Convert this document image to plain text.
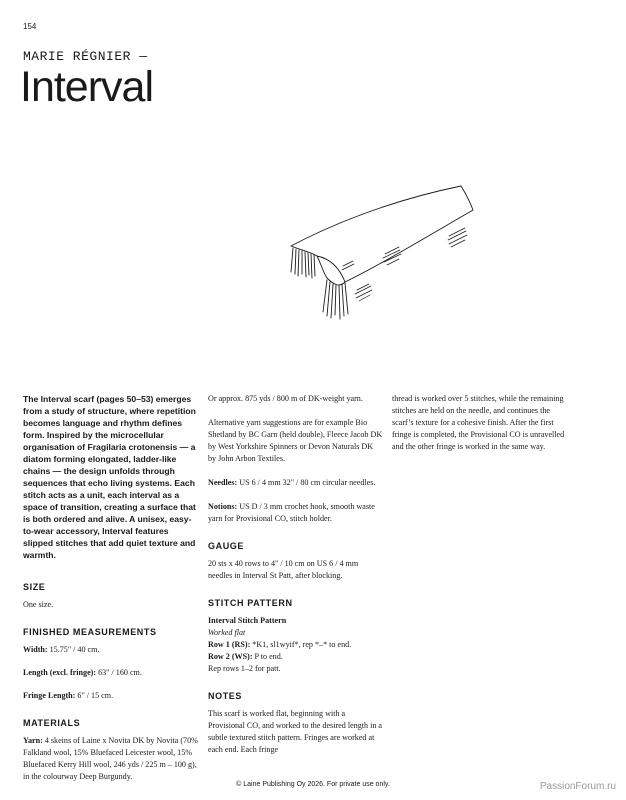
154
MARIE RÉGNIER —
Interval

The Interval scarf (pages 50–53) emerges from a study of structure, where repetition becomes language and rhythm defines form. Inspired by the microcellular organisation of Fragilaria crotonensis — a diatom forming elongated, ladder-like chains — the design unfolds through sequences that echo living systems. Each stitch acts as a unit, each interval as a space of transition, creating a surface that is both ordered and alive. A unisex, easy-to-wear accessory, Interval features slipped stitches that add quiet texture and warmth.

SIZE

One size.

FINISHED MEASUREMENTS

Width: 15.75" / 40 cm.

Length (excl. fringe): 63" / 160 cm.

Fringe Length: 6" / 15 cm.

MATERIALS

Yarn: 4 skeins of Laine x Novita DK by Novita (70% Falkland wool, 15% Bluefaced Leicester wool, 15% Bluefaced Kerry Hill wool, 246 yds / 225 m – 100 g), in the colourway Deep Burgundy.

Or approx. 875 yds / 800 m of DK-weight yarn.

Alternative yarn suggestions are for example Bio Shetland by BC Garn (held double), Fleece Jacob DK by West Yorkshire Spinners or Devon Naturals DK by John Arbon Textiles.

Needles: US 6 / 4 mm 32" / 80 cm circular needles.

Notions: US D / 3 mm crochet hook, smooth waste yarn for Provisional CO, stitch holder.

GAUGE

20 sts x 40 rows to 4" / 10 cm on US 6 / 4 mm needles in Interval St Patt, after blocking.

STITCH PATTERN

Interval Stitch Pattern

Worked flat

Row 1 (RS): *K1, sl1wyif*, rep *–* to end.

Row 2 (WS): P to end.

Rep rows 1–2 for patt.

NOTES

This scarf is worked flat, beginning with a Provisional CO, and worked to the desired length in a subtle textured stitch pattern. Fringes are worked at each end. Each fringe

thread is worked over 5 stitches, while the remaining stitches are held on the needle, and continues the scarf’s texture for a cohesive finish. After the first fringe is completed, the Provisional CO is unravelled and the other fringe is worked in the same way.

© Laine Publishing Oy 2026. For private use only.	PassionForum.ru
